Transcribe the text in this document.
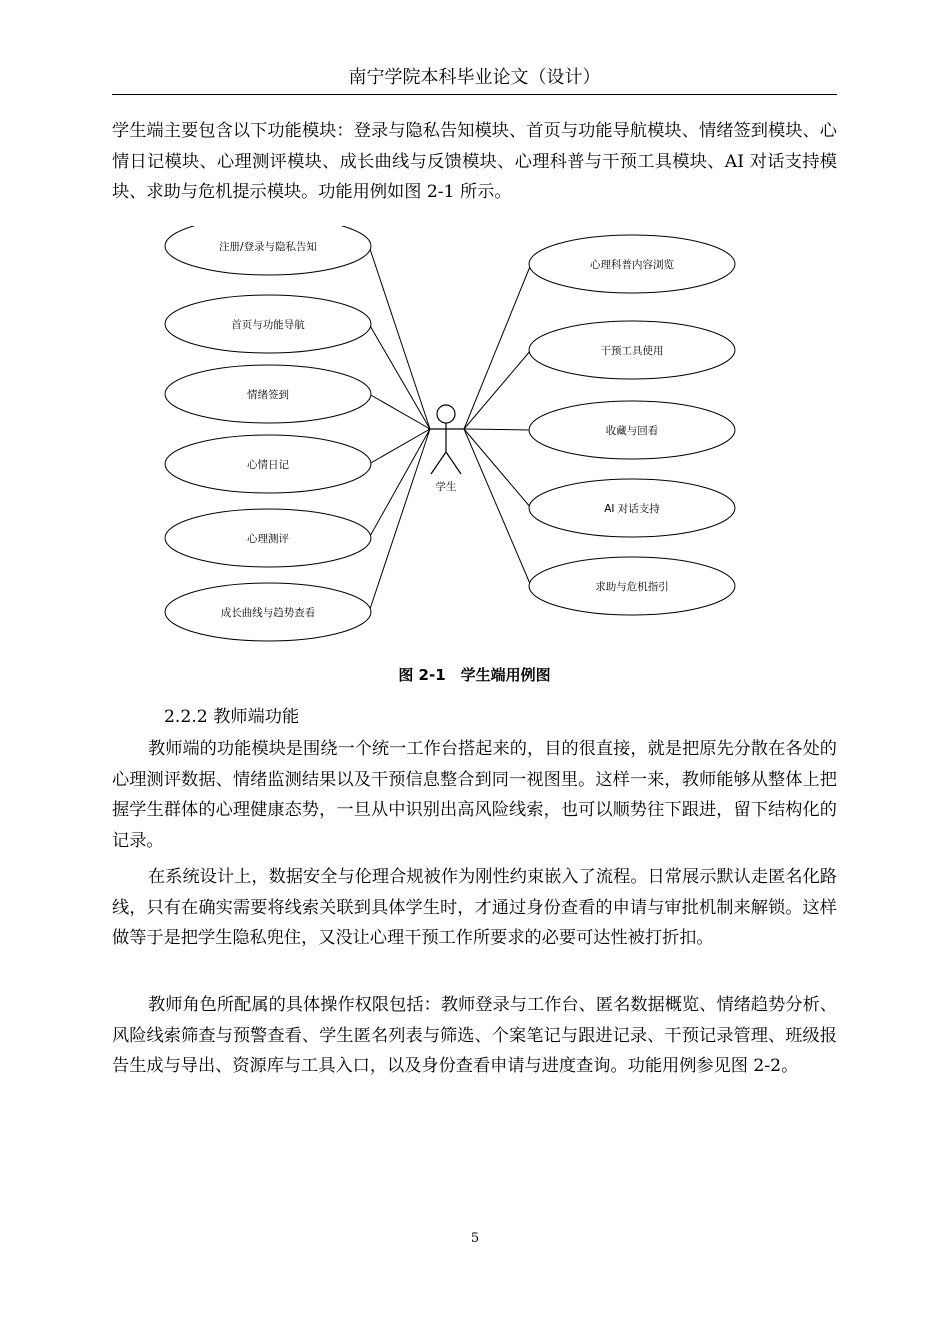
南宁学院本科毕业论文（设计）

学生端主要包含以下功能模块：登录与隐私告知模块、首页与功能导航模块、情绪签到模块、心情日记模块、心理测评模块、成长曲线与反馈模块、心理科普与干预工具模块、AI 对话支持模块、求助与危机提示模块。功能用例如图 2-1 所示。

注册/登录与隐私告知
首页与功能导航
情绪签到
心情日记
心理测评
成长曲线与趋势查看
心理科普内容浏览
干预工具使用
收藏与回看
AI 对话支持
求助与危机指引
学生
图 2-1　学生端用例图
2.2.2 教师端功能

教师端的功能模块是围绕一个统一工作台搭起来的，目的很直接，就是把原先分散在各处的心理测评数据、情绪监测结果以及干预信息整合到同一视图里。这样一来，教师能够从整体上把握学生群体的心理健康态势，一旦从中识别出高风险线索，也可以顺势往下跟进，留下结构化的记录。

在系统设计上，数据安全与伦理合规被作为刚性约束嵌入了流程。日常展示默认走匿名化路线，只有在确实需要将线索关联到具体学生时，才通过身份查看的申请与审批机制来解锁。这样做等于是把学生隐私兜住，又没让心理干预工作所要求的必要可达性被打折扣。

教师角色所配属的具体操作权限包括：教师登录与工作台、匿名数据概览、情绪趋势分析、风险线索筛查与预警查看、学生匿名列表与筛选、个案笔记与跟进记录、干预记录管理、班级报告生成与导出、资源库与工具入口，以及身份查看申请与进度查询。功能用例参见图 2-2。

5
